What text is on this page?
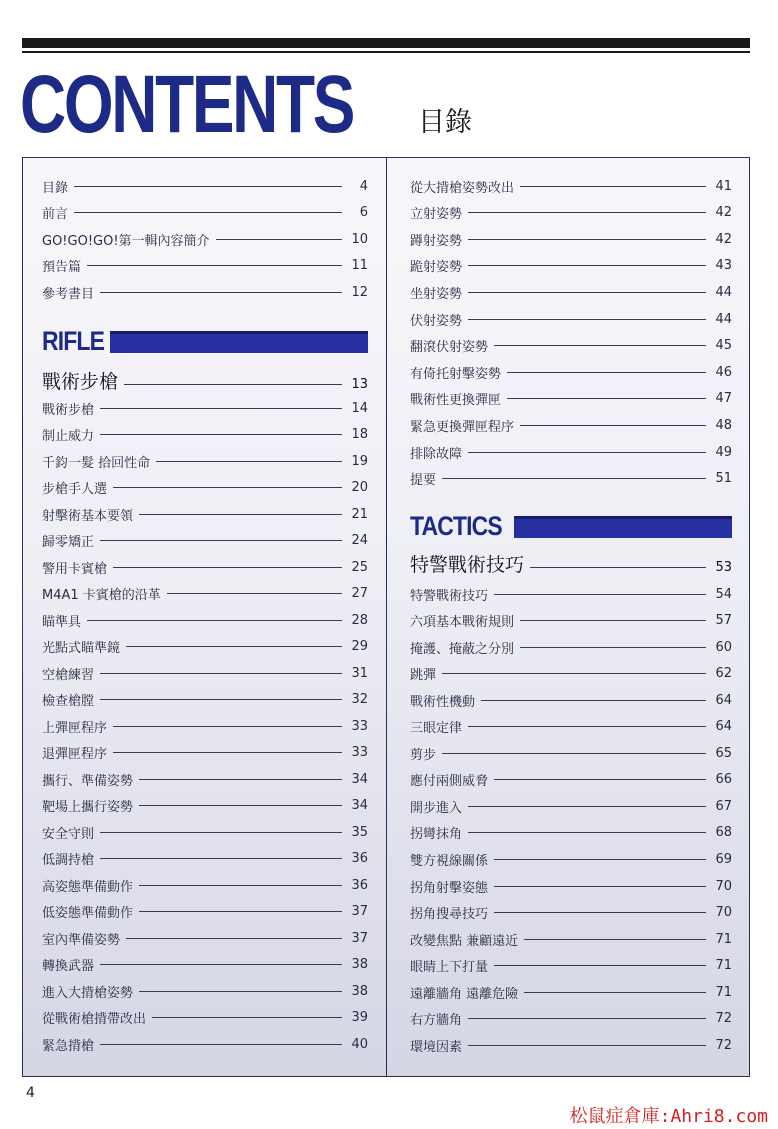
CONTENTS 目錄
目錄	4
前言	6
GO!GO!GO!第一輯內容簡介	10
預告篇	11
參考書目	12
RIFLE
戰術步槍	13
戰術步槍	14
制止威力	18
千鈞一髮 拾回性命	19
步槍手人選	20
射擊術基本要領	21
歸零矯正	24
警用卡賓槍	25
M4A1 卡賓槍的沿革	27
瞄準具	28
光點式瞄準鏡	29
空槍練習	31
檢查槍膛	32
上彈匣程序	33
退彈匣程序	33
攜行、準備姿勢	34
靶場上攜行姿勢	34
安全守則	35
低調持槍	36
高姿態準備動作	36
低姿態準備動作	37
室內準備姿勢	37
轉換武器	38
進入大揹槍姿勢	38
從戰術槍揹帶改出	39
緊急揹槍	40
從大揹槍姿勢改出	41
立射姿勢	42
蹲射姿勢	42
跪射姿勢	43
坐射姿勢	44
伏射姿勢	44
翻滾伏射姿勢	45
有倚托射擊姿勢	46
戰術性更換彈匣	47
緊急更換彈匣程序	48
排除故障	49
提要	51
TACTICS
特警戰術技巧	53
特警戰術技巧	54
六項基本戰術規則	57
掩護、掩蔽之分別	60
跳彈	62
戰術性機動	64
三眼定律	64
剪步	65
應付兩側威脅	66
開步進入	67
拐彎抹角	68
雙方視線關係	69
拐角射擊姿態	70
拐角搜尋技巧	70
改變焦點 兼顧遠近	71
眼睛上下打量	71
遠離牆角 遠離危險	71
右方牆角	72
環境因素	72
4
松鼠症倉庫:Ahri8.com
